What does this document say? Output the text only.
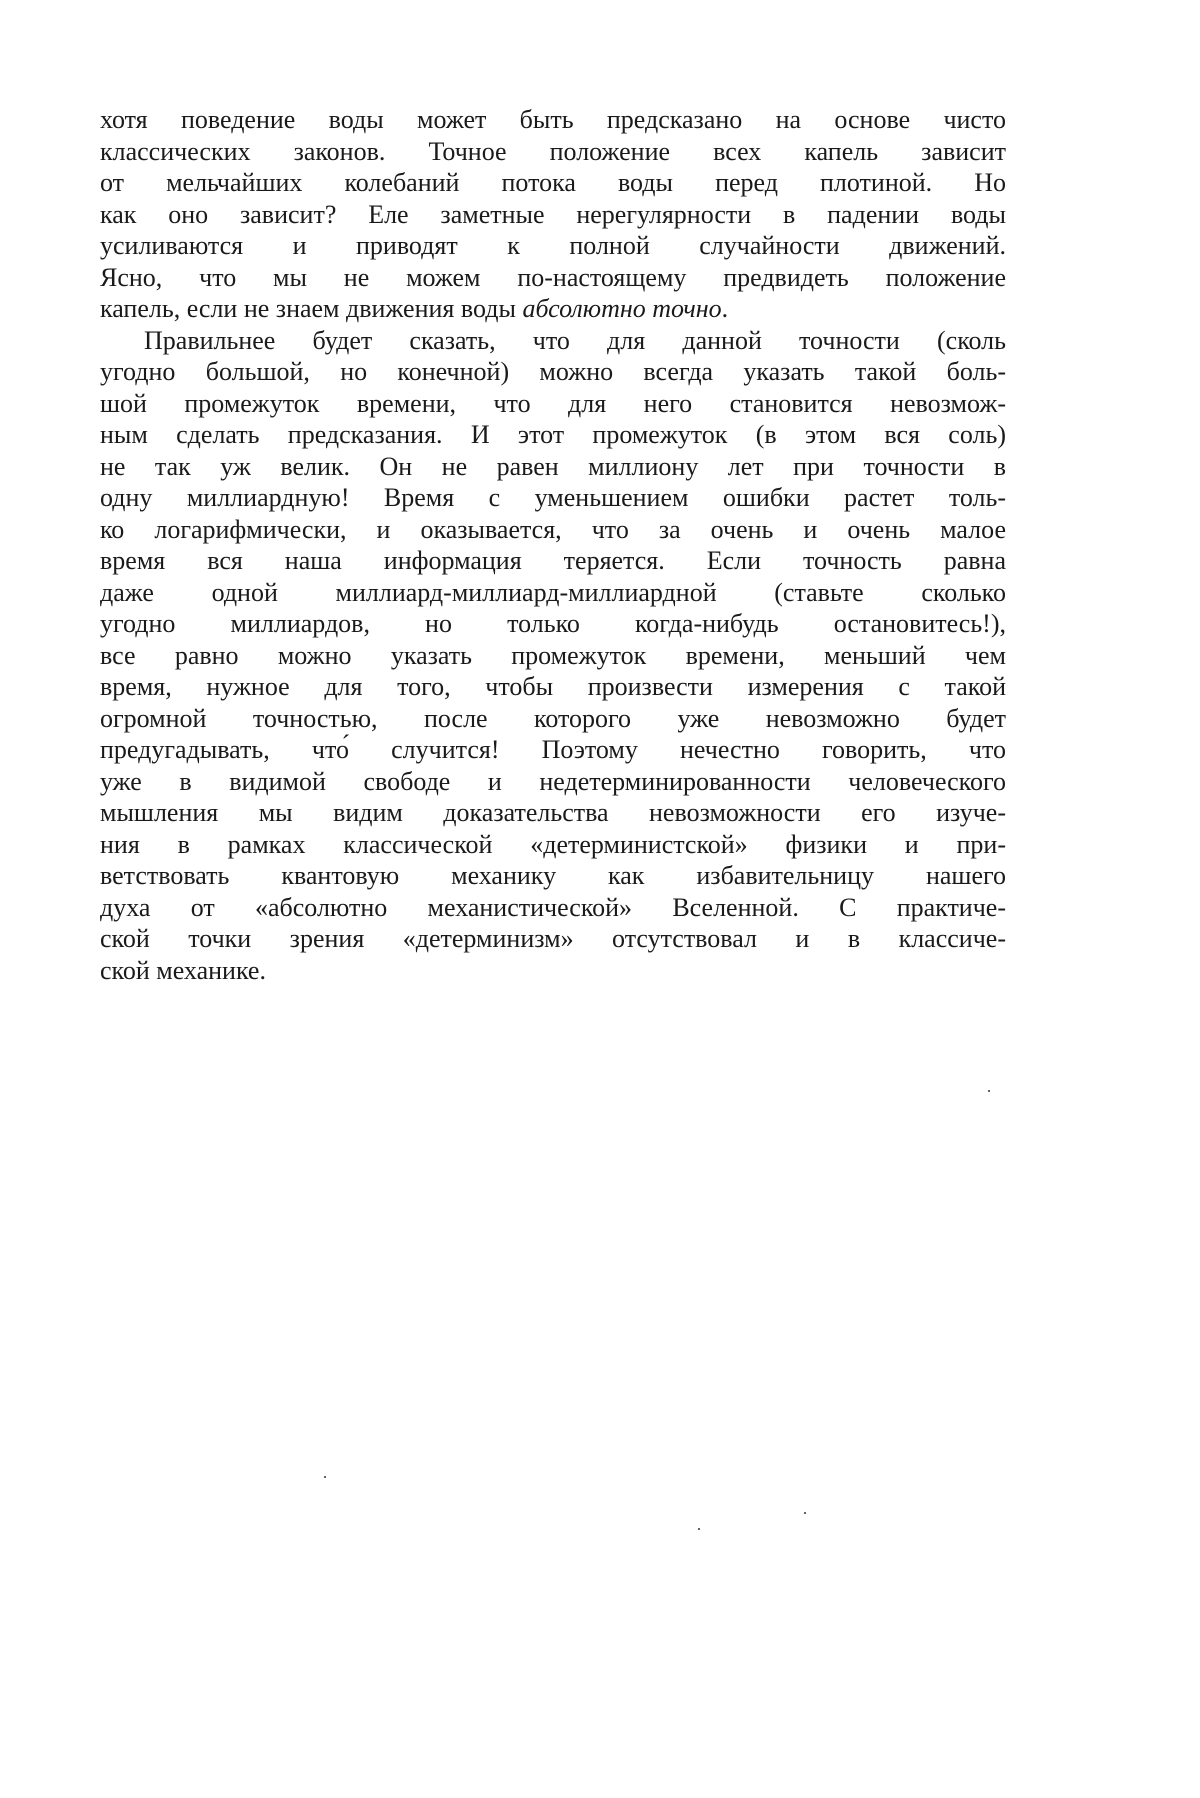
хотя поведение воды может быть предсказано на основе чисто
классических законов. Точное положение всех капель зависит
от мельчайших колебаний потока воды перед плотиной. Но
как оно зависит? Еле заметные нерегулярности в падении воды
усиливаются и приводят к полной случайности движений.
Ясно, что мы не можем по-настоящему предвидеть положение
капель, если не знаем движения воды абсолютно точно.

Правильнее будет сказать, что для данной точности (сколь
угодно большой, но конечной) можно всегда указать такой боль-
шой промежуток времени, что для него становится невозмож-
ным сделать предсказания. И этот промежуток (в этом вся соль)
не так уж велик. Он не равен миллиону лет при точности в
одну миллиардную! Время с уменьшением ошибки растет толь-
ко логарифмически, и оказывается, что за очень и очень малое
время вся наша информация теряется. Если точность равна
даже одной миллиард-миллиард-миллиардной (ставьте сколько
угодно миллиардов, но только когда-нибудь остановитесь!),
все равно можно указать промежуток времени, меньший чем
время, нужное для того, чтобы произвести измерения с такой
огромной точностью, после которого уже невозможно будет
предугадывать, что́ случится! Поэтому нечестно говорить, что
уже в видимой свободе и недетерминированности человеческого
мышления мы видим доказательства невозможности его изуче-
ния в рамках классической «детерминистской» физики и при-
ветствовать квантовую механику как избавительницу нашего
духа от «абсолютно механистической» Вселенной. С практиче-
ской точки зрения «детерминизм» отсутствовал и в классиче-
ской механике.
